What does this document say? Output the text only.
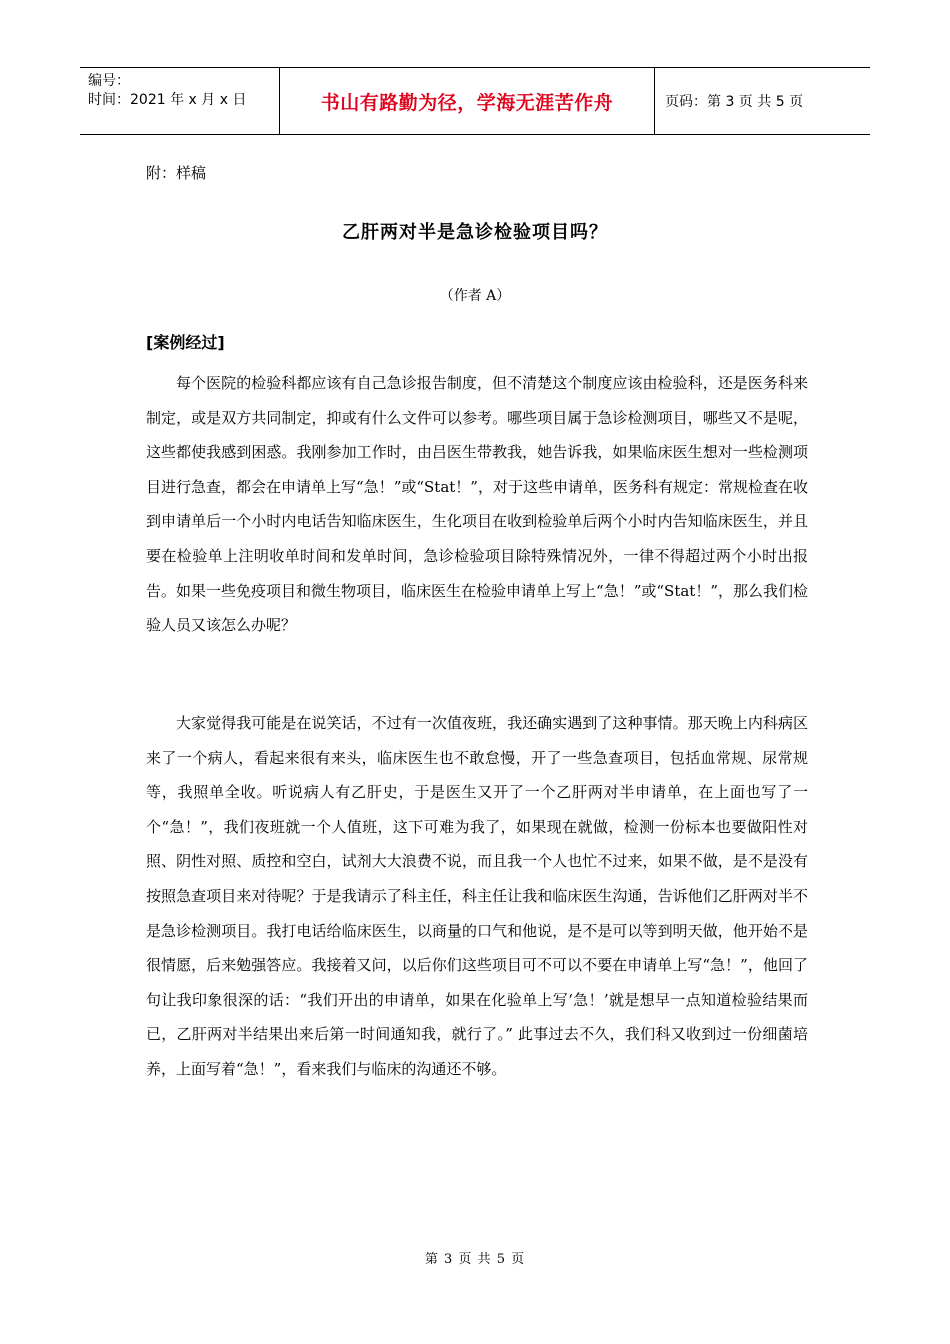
编号：
时间：2021 年 x 月 x 日	书山有路勤为径，学海无涯苦作舟	页码：第 3 页 共 5 页
附：样稿
乙肝两对半是急诊检验项目吗？
（作者 A）
[案例经过]

每个医院的检验科都应该有自己急诊报告制度，但不清楚这个制度应该由检验科，还是医务科来制定，或是双方共同制定，抑或有什么文件可以参考。哪些项目属于急诊检测项目，哪些又不是呢，这些都使我感到困惑。我刚参加工作时，由吕医生带教我，她告诉我，如果临床医生想对一些检测项目进行急查，都会在申请单上写“急！”或“Stat！”，对于这些申请单，医务科有规定：常规检查在收到申请单后一个小时内电话告知临床医生，生化项目在收到检验单后两个小时内告知临床医生，并且要在检验单上注明收单时间和发单时间，急诊检验项目除特殊情况外，一律不得超过两个小时出报告。如果一些免疫项目和微生物项目，临床医生在检验申请单上写上“急！”或“Stat！”，那么我们检验人员又该怎么办呢？

大家觉得我可能是在说笑话，不过有一次值夜班，我还确实遇到了这种事情。那天晚上内科病区来了一个病人，看起来很有来头，临床医生也不敢怠慢，开了一些急查项目，包括血常规、尿常规等，我照单全收。听说病人有乙肝史，于是医生又开了一个乙肝两对半申请单，在上面也写了一个“急！”，我们夜班就一个人值班，这下可难为我了，如果现在就做，检测一份标本也要做阳性对照、阴性对照、质控和空白，试剂大大浪费不说，而且我一个人也忙不过来，如果不做，是不是没有按照急查项目来对待呢？于是我请示了科主任，科主任让我和临床医生沟通，告诉他们乙肝两对半不是急诊检测项目。我打电话给临床医生，以商量的口气和他说，是不是可以等到明天做，他开始不是很情愿，后来勉强答应。我接着又问，以后你们这些项目可不可以不要在申请单上写“急！”，他回了句让我印象很深的话：“我们开出的申请单，如果在化验单上写‘急！’就是想早一点知道检验结果而已，乙肝两对半结果出来后第一时间通知我，就行了。” 此事过去不久，我们科又收到过一份细菌培养，上面写着“急！”，看来我们与临床的沟通还不够。

第 3 页 共 5 页
